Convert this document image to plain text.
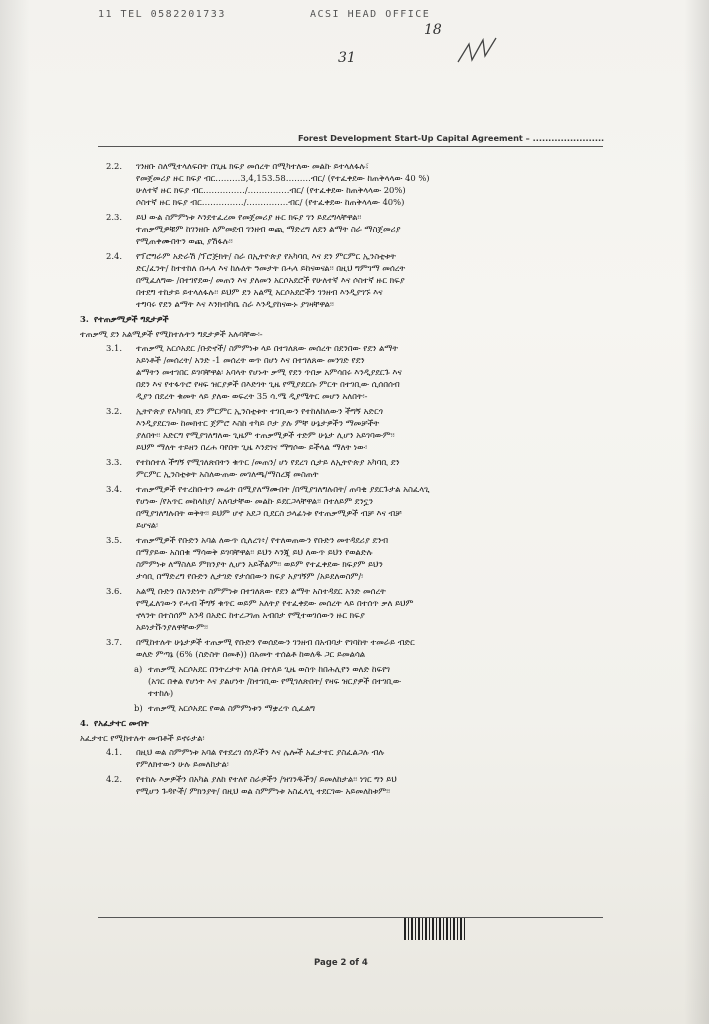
11 TEL 0582201733	ACSI HEAD OFFICE
18
31
Forest Development Start-Up Capital Agreement – .......................
2.2. ገንዘቡ ስለሚተላለፍበት በጊዜ ክፍያ መሰረት በሚካተለው መልኩ ይተላለፋሉ፣
የመጀመሪያ ዙር ክፍያ ብር………3,4,153.58………ብር/ (የተፈቀደው ከጠቅላላው 40 %)
ሁለተኛ ዙር ክፍያ ብር……………/……………ብር/ (የተፈቀደው ከጠቅላላው 20%)
ሶስተኛ ዙር ክፍያ ብር……………/……………ብር/ (የተፈቀደው ከጠቅላላው 40%)
2.3. ይህ ውል ስምምነቱ እንደተፈረመ የመጀመሪያ ዙር ክፍያ ገን ይደረግላቸዋል፡፡
ተጠቃሚዎቹም ከገንዘቡ ለምመደብ ገንዘብ ወጪ ማድረግ ለደን ልማት ስራ ማስጀመሪያ
የሚጠቀሙበትን ወጪ ያሽፋሉ፡፡
2.4. የፕሮግራም አድራሽ /ፕሮጅክት/ ስራ በኢትዮጵያ የአካባቢ እና ደን ምርምር ኢንስቲቱት
ድር/ፈንት/ ከተተከለ በሓላ እና ከሉለት ዓመታት በሓላ ይከናወናል፡፡ በዚህ ግምገማ መሰረት
በሚፈለግው /በተገየደው/ መጠን እና ያለመን አርሶአደሮች የሁለተኛ እና ሶስተኛ ዙር ክፍያ
በተደግ ተከታይ ይተላለፋሉ፡፡ ይህም ደን አልሚ አርሶአደሮችን ገንዘብ እንዲያገኙ እና
ተግባሩ የደን ልማት እና እንክብካቤ ስራ እንዲያከናውኑ ያገዛቸዋል፡፡
3. የተጠቃሚዎች ግዴታዎች
ተጠቃሚ ደን አልሚዎች የሚከተሉትን ግዴታዎች አሉባቸው፡-
3.1. ተጠቃሚ አርሶአደር /ቡድኖች/ ስምምነቱ ላይ በተገለጸው መሰረት በደንበው የደን ልማት
አይነቶች /መሰረት/ አንድ -1 መሰረት ወጥ በሆነ እና በተገለጸው መንገድ የደን
ልማትን መተገበር ይገባቸዋል፡ አባላት የሆኑት ቃሚ የደን ጥበቃ አምሳበሩ እንዲያደርጉ እና
በደን እና የተፋጥሮ የዛፍ ዝርያዎች በእድገት ጊዜ የሚያደርሱ ምርት በተገቢው ሲሰበሰብ
ዲያን በደረት ቁመት ላይ ያለው ወፍረት 35 ሳ.ሜ ዲያሜትር መሆን አለበት፡-
3.2. ኢትዮጵያ የአካባቢ ደን ምርምር ኢንስቲቱት ተገቢውን የተከለከለውን ችግኝ አድርጎ
እንዲያደርገው ከመክተር ጀምሮ እስከ ተካይ ቦታ ያሉ ምቸ ሁኔታዎችን ማመቻችት
ያለበት፡፡ አድርግ የሚያገለግለው ጊዜም ተጠቃሚዎች ተድም ሁኔታ ሊሆን አይገባውም፡፡
ይህም ማለት ተይዘን በረሐ ባየበት ጊዜ እንደገና ማግሶው ይችላል ማለት ነው፡
3.3. የተከሰተለ ችግኝ የሚገለጽበትን ቁጥር /መጠን/ ሆነ የደረገ ሲታይ ለኢትዮጵያ አካባቢ ደን
ምርምር ኢንስቲቱት አስለውጠው መገለጫ/ማስረጃ መስጠት
3.4. ተጠቃሚዎች የተረከቡትን መሬት በሚያለማሙበት /በሚያገለግሉበት/ ጠባቂ ያደርጉታል አስፈላጊ
የሆነው /የአጥር መከላከያ/ አለባታቸው መልኩ ይደርጋላቸዋል፡፡ በተለይም ደንኗን
በሚያገለግሉበት ወቅት፡፡ ይህም ሆኖ አደጋ ቢደርስ ኃላፊነቱ የተጠቃሚዎች ብቻ እና ብቻ
ይሆናል፡
3.5. ተጠቃሚዎች የቡድን አባል ለውጥ ሲለረገ፥/ የተለወጠውን የቡድን መተዳደሪያ ደንብ
በማያይው አስበቁ ማሳወቅ ይገባቸዋል፡፡ ይህን እንጂ ይህ ለውጥ ይህን የወልድሉ
ስምምነቱ ለማስለይ ምክንያት ሊሆን አይችልም፡፡ ወይም የተፈቀደው ክፍያም ይህን
ታሳቢ በማድረግ የቡድን ሊታገድ የታሰበውን ክፍያ አያገኝም /አይደለወስም/፡
3.6. አልሚ ቡድን በአንድነት ስምምነቱ በተገለጸው የደን ልማት አስተዳደር አንድ መሰረት
የሚፈለገውን የሓብ ችግኝ ቁጥር ወይም አለትያ የተፈቀደው መሰረት ላይ በተሰጥ ቃለ ይህም
ኖላንት በተስሰም አንዳ በአድር ከተረጋገጠ አብበታ የሚተወገሰውን ዙር ክፍያ
አይነታቩንያለዋቸውም፡፡
3.7. በሚከተሉት ሁኔታዎች ተጠቃሚ የቡድን የወሰደውን ገንዘብ በአብባታ የገባከት ተመራይ ብድር
ወለድ ምጣኔ (6% (ስድስት በመቶ)) በአመት ተሰልቶ ከወለዱ ጋር ይመልሳል
a) ተጠቃሚ አርሶአደር በንትረታት አባል በተለይ ጊዜ ወስጥ ከበሕሊየን ወለድ ከፍየገ
(አገር በቀል የሆነት እና ያልሆነት /ከተገቢው የሚገለጽበት/ የዛፍ ዝርያዎች በተገቢው
ተተከሉ)
b) ተጠቃሚ አርሶአደር የወል ስምምነቱን ማቋረጥ ሲፈልግ
4. የአፈታተር መብት
አፈታተር የሚከተሉት መብቶች ይኖሩታል፡
4.1. በዚህ ወል ስምምነቱ አባል የተደረገ ሰነዶችን እና ሌሎች አፈታተር ያስፈልጋሉ ብሉ
የምለክተውን ሁሉ ይመለከታል፡
4.2. የተከሉ እቃዎችን በአካል ያለከ የተለየ ስራዎችን /ዝገንዱችን/ ይመለከታል፡፡ ነገር ግን ይህ
የሚሆን ጉዳዮች/ ምክንያት/ በዚህ ወል ስምምነቱ አስፈላጊ ተደርገው አይመለከቱም፡፡
Page 2 of 4
